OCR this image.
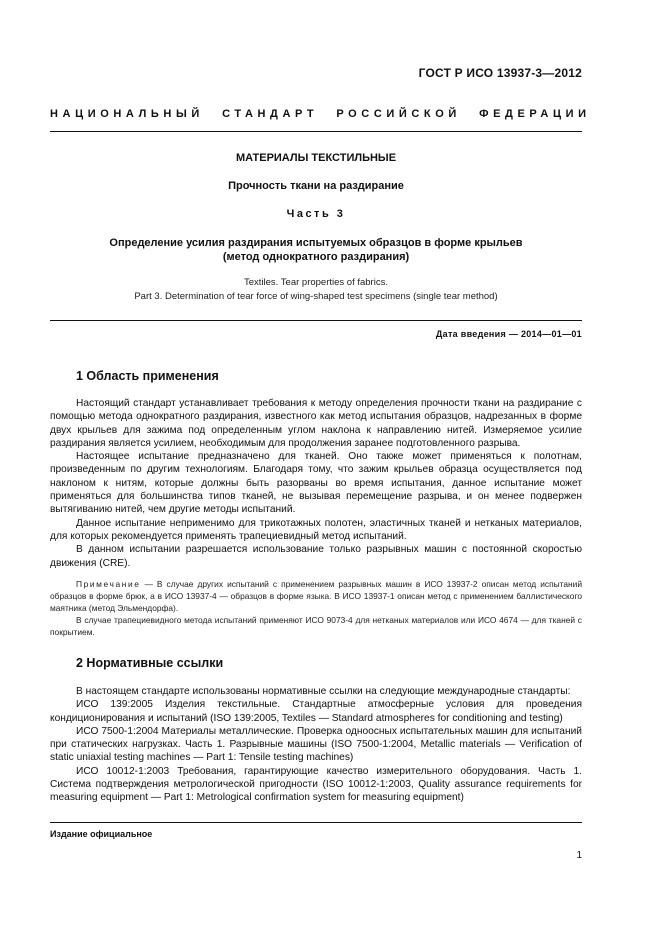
ГОСТ Р ИСО 13937-3—2012
НАЦИОНАЛЬНЫЙ СТАНДАРТ РОССИЙСКОЙ ФЕДЕРАЦИИ
МАТЕРИАЛЫ ТЕКСТИЛЬНЫЕ
Прочность ткани на раздирание
Часть 3
Определение усилия раздирания испытуемых образцов в форме крыльев
(метод однократного раздирания)
Textiles. Tear properties of fabrics.
Part 3. Determination of tear force of wing-shaped test specimens (single tear method)
Дата введения — 2014—01—01
1 Область применения

Настоящий стандарт устанавливает требования к методу определения прочности ткани на раздирание с помощью метода однократного раздирания, известного как метод испытания образцов, надрезанных в форме двух крыльев для зажима под определенным углом наклона к направлению нитей. Измеряемое усилие раздирания является усилием, необходимым для продолжения заранее подготовленного разрыва.

Настоящее испытание предназначено для тканей. Оно также может применяться к полотнам, произведенным по другим технологиям. Благодаря тому, что зажим крыльев образца осуществляется под наклоном к нитям, которые должны быть разорваны во время испытания, данное испытание может применяться для большинства типов тканей, не вызывая перемещение разрыва, и он менее подвержен вытягиванию нитей, чем другие методы испытаний.

Данное испытание неприменимо для трикотажных полотен, эластичных тканей и нетканых материалов, для которых рекомендуется применять трапециевидный метод испытаний.

В данном испытании разрешается использование только разрывных машин с постоянной скоростью движения (CRE).

Примечание — В случае других испытаний с применением разрывных машин в ИСО 13937-2 описан метод испытаний образцов в форме брюк, а в ИСО 13937-4 — образцов в форме языка. В ИСО 13937-1 описан метод с применением баллистического маятника (метод Эльмендорфа).

В случае трапециевидного метода испытаний применяют ИСО 9073-4 для нетканых материалов или ИСО 4674 — для тканей с покрытием.

2 Нормативные ссылки

В настоящем стандарте использованы нормативные ссылки на следующие международные стандарты:

ИСО 139:2005 Изделия текстильные. Стандартные атмосферные условия для проведения кондиционирования и испытаний (ISO 139:2005, Textiles — Standard atmospheres for conditioning and testing)

ИСО 7500-1:2004 Материалы металлические. Проверка одноосных испытательных машин для испытаний при статических нагрузках. Часть 1. Разрывные машины (ISO 7500-1:2004, Metallic materials — Verification of static uniaxial testing machines — Part 1: Tensile testing machines)

ИСО 10012-1:2003 Требования, гарантирующие качество измерительного оборудования. Часть 1. Система подтверждения метрологической пригодности (ISO 10012-1:2003, Quality assurance requirements for measuring equipment — Part 1: Metrological confirmation system for measuring equipment)

Издание официальное
1
